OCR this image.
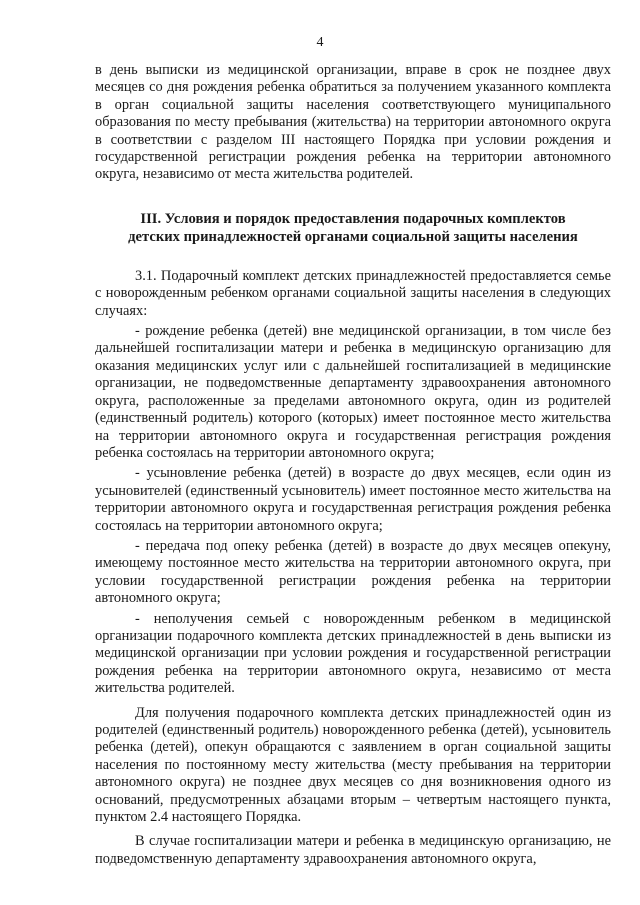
4

в день выписки из медицинской организации, вправе в срок не позднее двух месяцев со дня рождения ребенка обратиться за получением указанного комплекта в орган социальной защиты населения соответствующего муниципального образования по месту пребывания (жительства) на территории автономного округа в соответствии с разделом III настоящего Порядка при условии рождения и государственной регистрации рождения ребенка на территории автономного округа, независимо от места жительства родителей.

III. Условия и порядок предоставления подарочных комплектов
детских принадлежностей органами социальной защиты населения

3.1. Подарочный комплект детских принадлежностей предоставляется семье с новорожденным ребенком органами социальной защиты населения в следующих случаях:

- рождение ребенка (детей) вне медицинской организации, в том числе без дальнейшей госпитализации матери и ребенка в медицинскую организацию для оказания медицинских услуг или с дальнейшей госпитализацией в медицинские организации, не подведомственные департаменту здравоохранения автономного округа, расположенные за пределами автономного округа, один из родителей (единственный родитель) которого (которых) имеет постоянное место жительства на территории автономного округа и государственная регистрация рождения ребенка состоялась на территории автономного округа;

- усыновление ребенка (детей) в возрасте до двух месяцев, если один из усыновителей (единственный усыновитель) имеет постоянное место жительства на территории автономного округа и государственная регистрация рождения ребенка состоялась на территории автономного округа;

- передача под опеку ребенка (детей) в возрасте до двух месяцев опекуну, имеющему постоянное место жительства на территории автономного округа, при условии государственной регистрации рождения ребенка на территории автономного округа;

- неполучения семьей с новорожденным ребенком в медицинской организации подарочного комплекта детских принадлежностей в день выписки из медицинской организации при условии рождения и государственной регистрации рождения ребенка на территории автономного округа, независимо от места жительства родителей.

Для получения подарочного комплекта детских принадлежностей один из родителей (единственный родитель) новорожденного ребенка (детей), усыновитель ребенка (детей), опекун обращаются с заявлением в орган социальной защиты населения по постоянному месту жительства (месту пребывания на территории автономного округа) не позднее двух месяцев со дня возникновения одного из оснований, предусмотренных абзацами вторым – четвертым настоящего пункта, пунктом 2.4 настоящего Порядка.

В случае госпитализации матери и ребенка в медицинскую организацию, не подведомственную департаменту здравоохранения автономного округа,
